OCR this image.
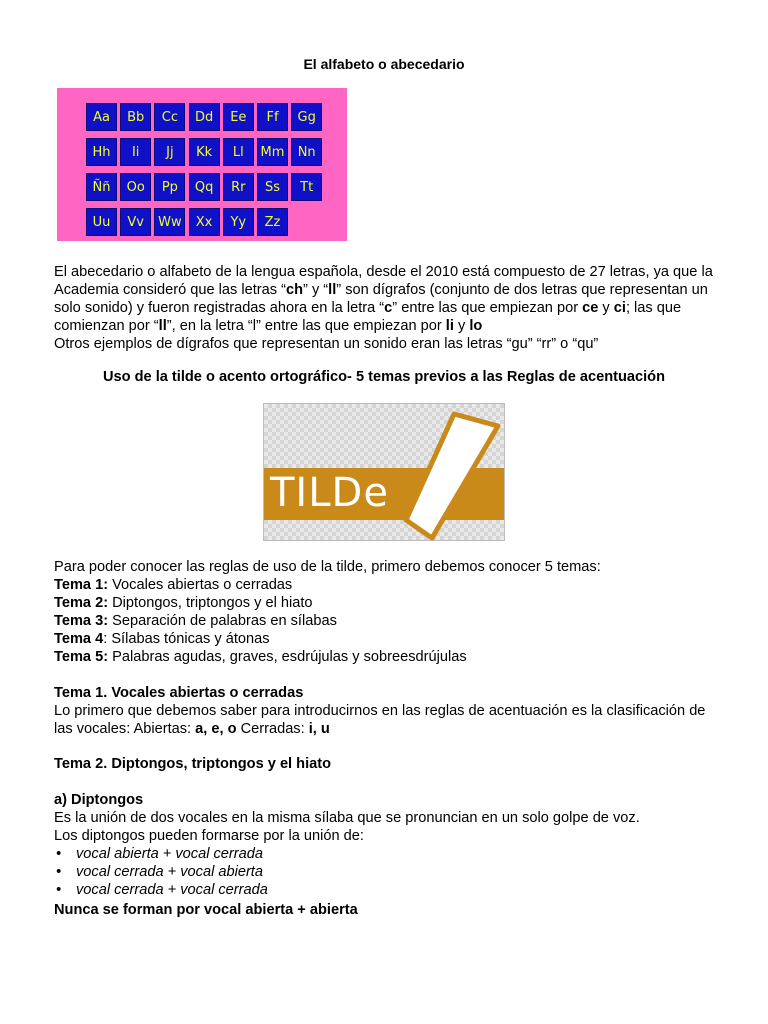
El alfabeto o abecedario
Aa	Bb	Cc	Dd	Ee	Ff	Gg
Hh	Ii	Jj	Kk	Ll	Mm	Nn
Ññ	Oo	Pp	Qq	Rr	Ss	Tt
Uu	Vv	Ww	Xx	Yy	Zz
El abecedario o alfabeto de la lengua española, desde el 2010 está compuesto de 27 letras, ya que la Academia consideró que las letras “ch” y “ll” son dígrafos (conjunto de dos letras que representan un solo sonido) y fueron registradas ahora en la letra “c” entre las que empiezan por ce y ci; las que comienzan por “ll”, en la letra “l” entre las que empiezan por li y lo
Otros ejemplos de dígrafos que representan un sonido eran las letras “gu” “rr” o “qu”
Uso de la tilde o acento ortográfico- 5 temas previos a las Reglas de acentuación
TILDe
Para poder conocer las reglas de uso de la tilde, primero debemos conocer 5 temas:
Tema 1: Vocales abiertas o cerradas
Tema 2: Diptongos, triptongos y el hiato
Tema 3: Separación de palabras en sílabas
Tema 4: Sílabas tónicas y átonas
Tema 5: Palabras agudas, graves, esdrújulas y sobreesdrújulas
Tema 1. Vocales abiertas o cerradas
Lo primero que debemos saber para introducirnos en las reglas de acentuación es la clasificación de las vocales: Abiertas: a, e, o Cerradas: i, u
Tema 2. Diptongos, triptongos y el hiato
a) Diptongos
Es la unión de dos vocales en la misma sílaba que se pronuncian en un solo golpe de voz.
Los diptongos pueden formarse por la unión de:
• vocal abierta + vocal cerrada
• vocal cerrada + vocal abierta
• vocal cerrada + vocal cerrada
Nunca se forman por vocal abierta + abierta
